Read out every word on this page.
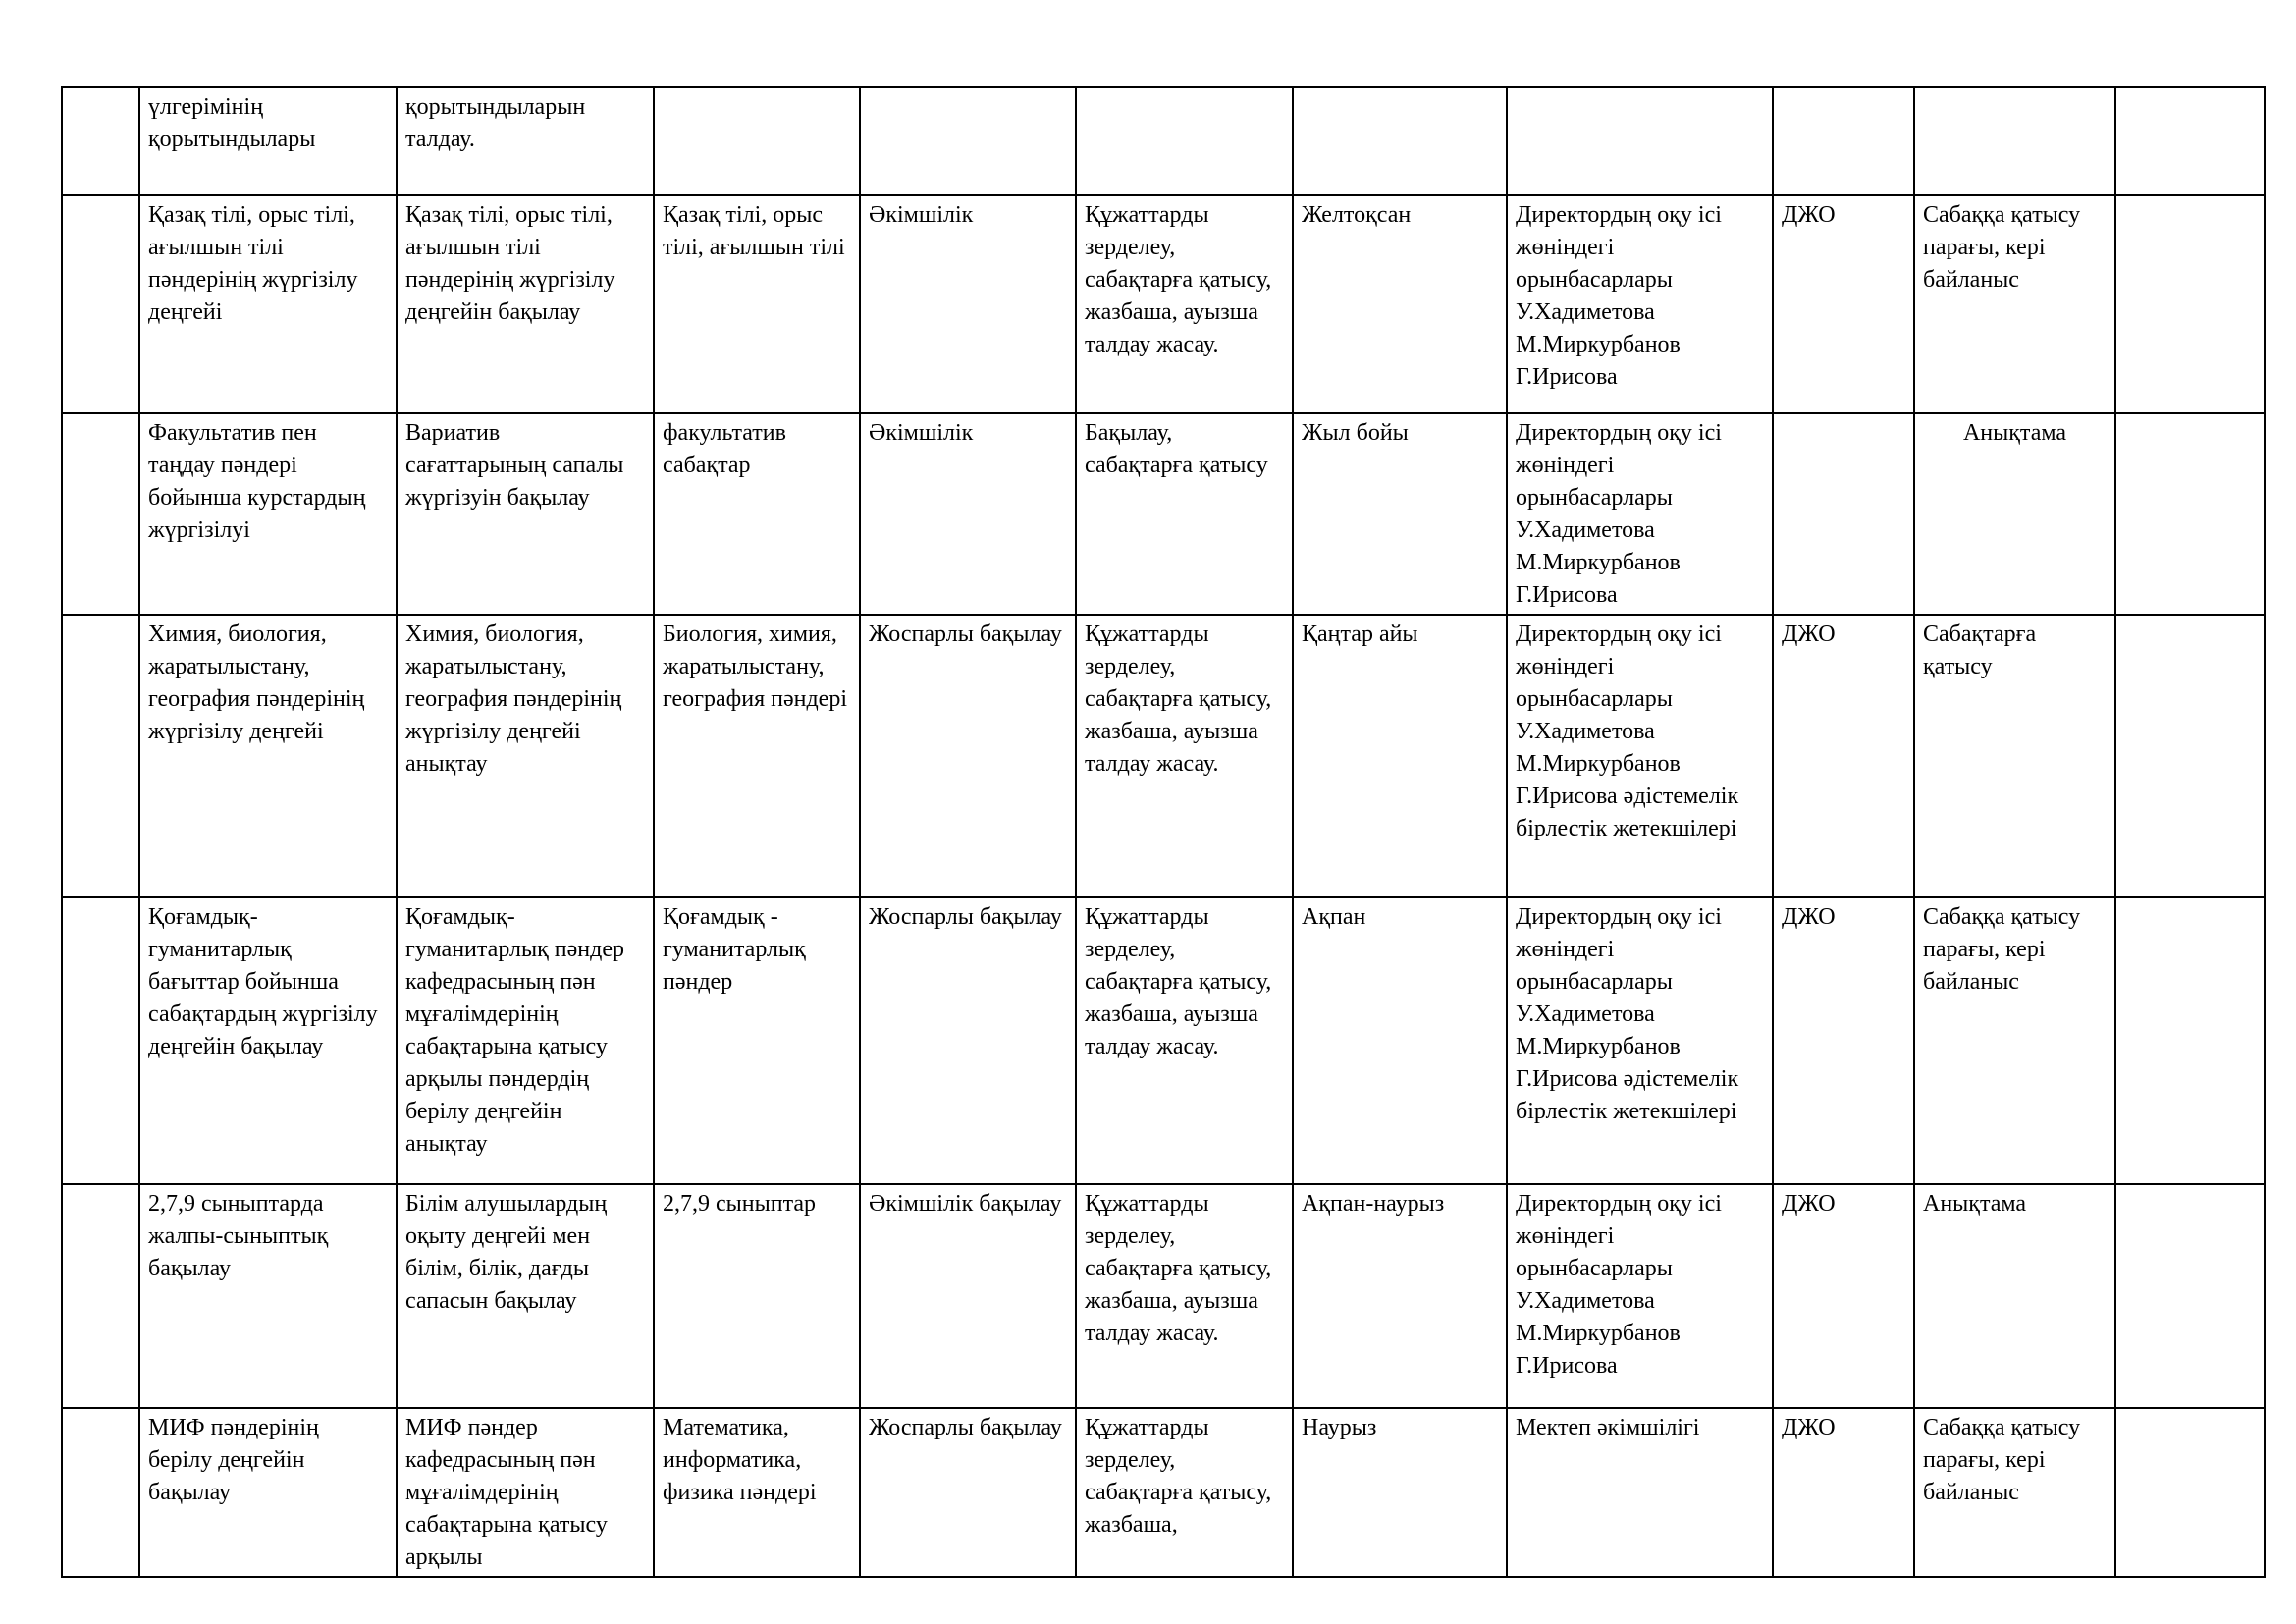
	үлгерімінің қорытындылары	қорытындыларын талдау.								
	Қазақ тілі, орыс тілі, ағылшын тілі пәндерінің жүргізілу деңгейі	Қазақ тілі, орыс тілі, ағылшын тілі пәндерінің жүргізілу деңгейін бақылау	Қазақ тілі, орыс тілі, ағылшын тілі	Әкімшілік	Құжаттарды зерделеу, сабақтарға қатысу, жазбаша, ауызша талдау жасау.	Желтоқсан	Директордың оқу ісі жөніндегі орынбасарлары У.Хадиметова М.Миркурбанов Г.Ирисова	ДЖО	Сабаққа қатысу парағы, кері байланыс	
	Факультатив пен таңдау пәндері бойынша курстардың жүргізілуі	Вариатив сағаттарының сапалы жүргізуін бақылау	факультатив сабақтар	Әкімшілік	Бақылау, сабақтарға қатысу	Жыл бойы	Директордың оқу ісі жөніндегі орынбасарлары У.Хадиметова М.Миркурбанов Г.Ирисова		Анықтама	
	Химия, биология, жаратылыстану, география пәндерінің жүргізілу деңгейі	Химия, биология, жаратылыстану, география пәндерінің жүргізілу деңгейі анықтау	Биология, химия, жаратылыстану, география пәндері	Жоспарлы бақылау	Құжаттарды зерделеу, сабақтарға қатысу, жазбаша, ауызша талдау жасау.	Қаңтар айы	Директордың оқу ісі жөніндегі орынбасарлары У.Хадиметова М.Миркурбанов Г.Ирисова әдістемелік бірлестік жетекшілері	ДЖО	Сабақтарға қатысу	
	Қоғамдық-гуманитарлық бағыттар бойынша сабақтардың жүргізілу деңгейін бақылау	Қоғамдық-гуманитарлық пәндер кафедрасының пән мұғалімдерінің сабақтарына қатысу арқылы пәндердің берілу деңгейін анықтау	Қоғамдық - гуманитарлық пәндер	Жоспарлы бақылау	Құжаттарды зерделеу, сабақтарға қатысу, жазбаша, ауызша талдау жасау.	Ақпан	Директордың оқу ісі жөніндегі орынбасарлары У.Хадиметова М.Миркурбанов Г.Ирисова әдістемелік бірлестік жетекшілері	ДЖО	Сабаққа қатысу парағы, кері байланыс	
	2,7,9 сыныптарда жалпы-сыныптық бақылау	Білім алушылардың оқыту деңгейі мен білім, білік, дағды сапасын бақылау	2,7,9 сыныптар	Әкімшілік бақылау	Құжаттарды зерделеу, сабақтарға қатысу, жазбаша, ауызша талдау жасау.	Ақпан-наурыз	Директордың оқу ісі жөніндегі орынбасарлары У.Хадиметова М.Миркурбанов Г.Ирисова	ДЖО	Анықтама	
	МИФ пәндерінің берілу деңгейін бақылау	МИФ пәндер кафедрасының пән мұғалімдерінің сабақтарына қатысу арқылы	Математика, информатика, физика пәндері	Жоспарлы бақылау	Құжаттарды зерделеу, сабақтарға қатысу, жазбаша,	Наурыз	Мектеп әкімшілігі	ДЖО	Сабаққа қатысу парағы, кері байланыс	
